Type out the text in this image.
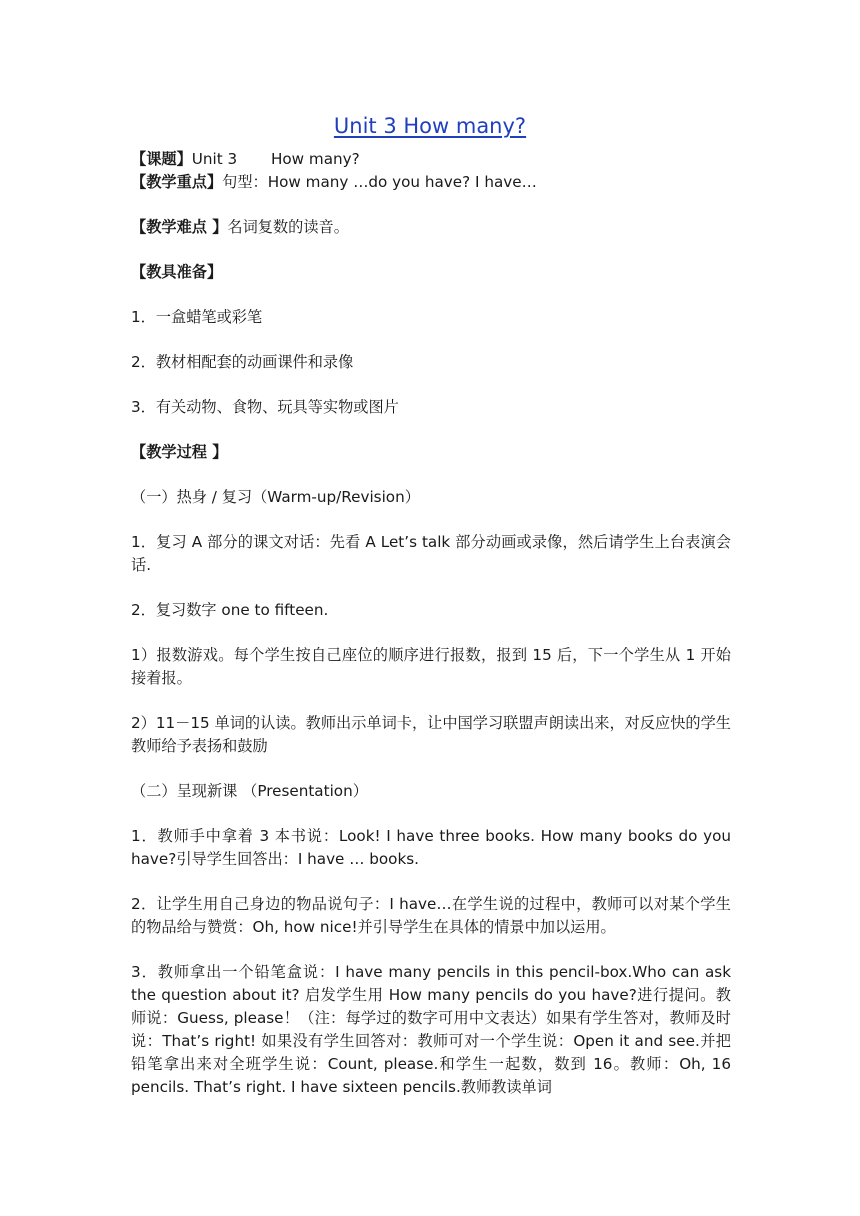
Unit 3 How many?
【课题】Unit 3       How many?
【教学重点】句型：How many …do you have? I have…
【教学难点 】名词复数的读音。
【教具准备】
1．一盒蜡笔或彩笔
2．教材相配套的动画课件和录像
3．有关动物、食物、玩具等实物或图片
【教学过程 】
（一）热身 / 复习（Warm-up/Revision）
1．复习 A 部分的课文对话：先看 A Let’s talk 部分动画或录像，然后请学生上台表演会话.
2．复习数字 one to fifteen.
1）报数游戏。每个学生按自己座位的顺序进行报数，报到 15 后，下一个学生从 1 开始接着报。
2）11－15 单词的认读。教师出示单词卡，让中国学习联盟声朗读出来，对反应快的学生教师给予表扬和鼓励
（二）呈现新课 （Presentation）
1．教师手中拿着 3 本书说：Look! I have three books. How many books do you have?引导学生回答出：I have … books.
2．让学生用自己身边的物品说句子：I have…在学生说的过程中，教师可以对某个学生的物品给与赞赏：Oh, how nice!并引导学生在具体的情景中加以运用。
3．教师拿出一个铅笔盒说：I have many pencils in this pencil-box.Who can ask the question about it? 启发学生用 How many pencils do you have?进行提问。教师说：Guess, please！（注：每学过的数字可用中文表达）如果有学生答对，教师及时说：That’s right! 如果没有学生回答对：教师可对一个学生说：Open it and see.并把铅笔拿出来对全班学生说：Count, please.和学生一起数，数到 16。教师：Oh, 16 pencils. That’s right. I have sixteen pencils.教师教读单词
